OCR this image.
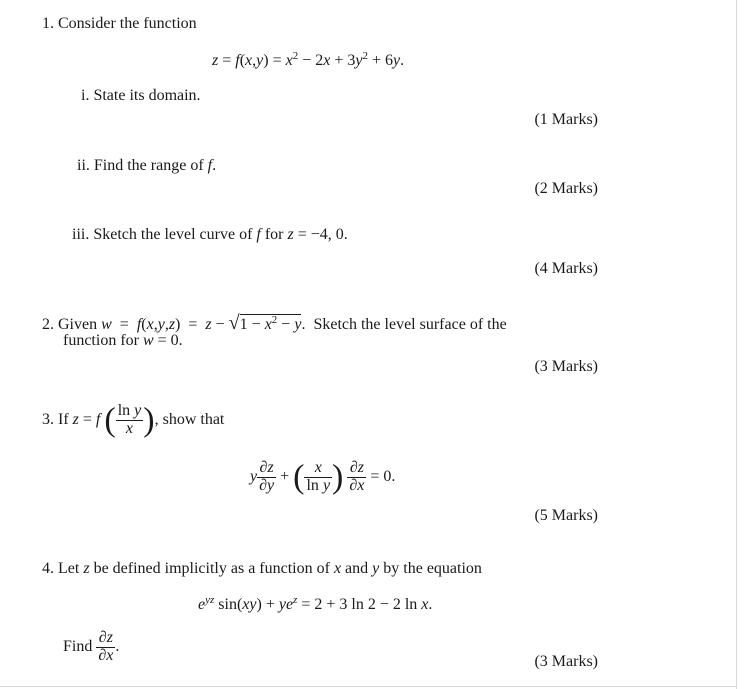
1. Consider the function
$z = f(x,y) = x^2 - 2x + 3y^2 + 6y$.
i. State its domain.
(1 Marks)
ii. Find the range of f.
(2 Marks)
iii. Sketch the level curve of f for z = −4, 0.
(4 Marks)
2. Given $w = f(x,y,z) = z - √1 - x^2 - y$.  Sketch the level surface of the
function for w = 0.
(3 Marks)
3. If z = f ( $\frac{\text{ln y}}{x}$ ), show that
y $\frac{\partial z}{\partial y}$ + ( $\frac{x}{\text{ln y}}$ ) $\frac{\partial z}{\partial x} = 0$.
(5 Marks)
4. Let z be defined implicitly as a function of x and y by the equation
$e^{yz}$ $\sin(xy) + ye^z = 2 + 3$ ln 2 − 2 ln x.
Find $\frac{\partial z}{\partial x}$ .
(3 Marks)
